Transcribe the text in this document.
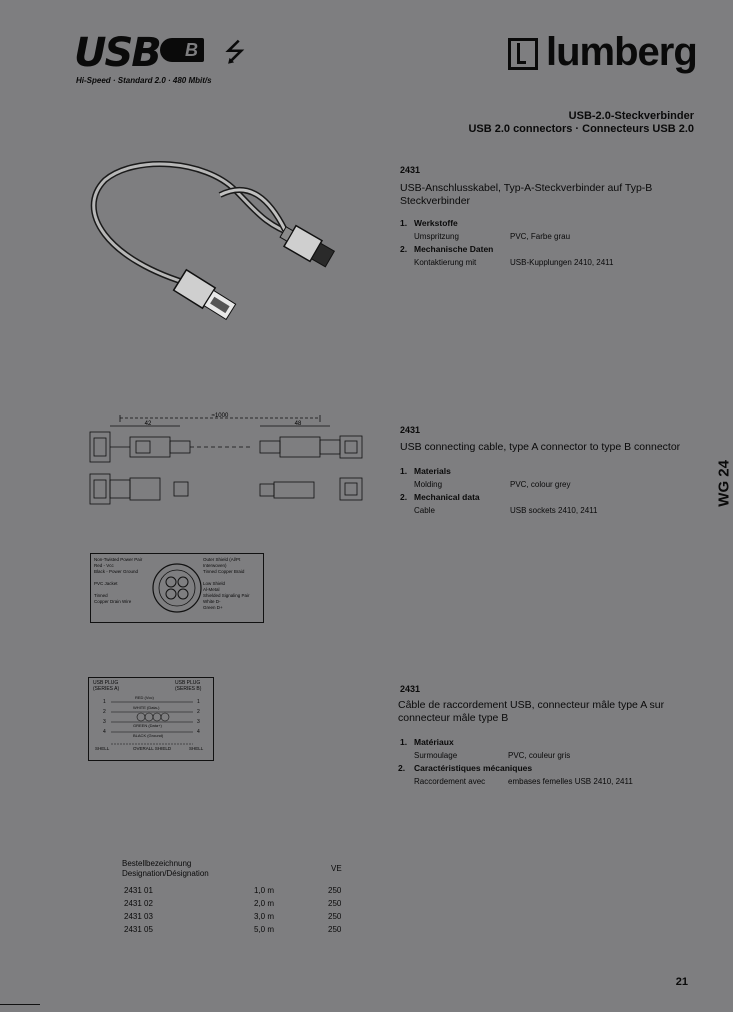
USB	B ⭍
Hi-Speed · Standard 2.0 · 480 Mbit/s
lumberg
USB-2.0-Steckverbinder
USB 2.0 connectors · Connecteurs USB 2.0
2431
USB-Anschlusskabel, Typ-A-Steckverbinder auf Typ-B Steckverbinder
1. Werkstoffe
Umspritzung	PVC, Farbe grau
2. Mechanische Daten
Kontaktierung mit	USB-Kupplungen 2410, 2411
≈1000
42	48
2431
USB connecting cable, type A connector to type B connector
1. Materials
Molding	PVC, colour grey
2. Mechanical data
Cable	USB sockets 2410, 2411
WG 24
Non-Twisted Power Pair
Red - Vcc
Black - Power Ground
PVC Jacket
Tinned
Copper Drain Wire
Outer Shield (Al/Pt Interwoven)
Tinned Copper Braid
Low Shield
Al-Metal
Shielded Signaling Pair
White D-
Green D+
USB PLUG (SERIES A)
USB PLUG (SERIES B)
1
RED (Vcc)
1
2
WHITE (Data-)
2
3
GREEN (Data+)
3
4
BLACK (Ground)
4
SHELL	OVERALL SHIELD	SHELL
2431
Câble de raccordement USB, connecteur mâle type A sur connecteur mâle type B
1. Matériaux
Surmoulage	PVC, couleur gris
2. Caractéristiques mécaniques
Raccordement avec	embases femelles USB 2410, 2411
Bestellbezeichnung
Designation/Désignation
VE
2431 01	1,0 m	250
2431 02	2,0 m	250
2431 03	3,0 m	250
2431 05	5,0 m	250
21
